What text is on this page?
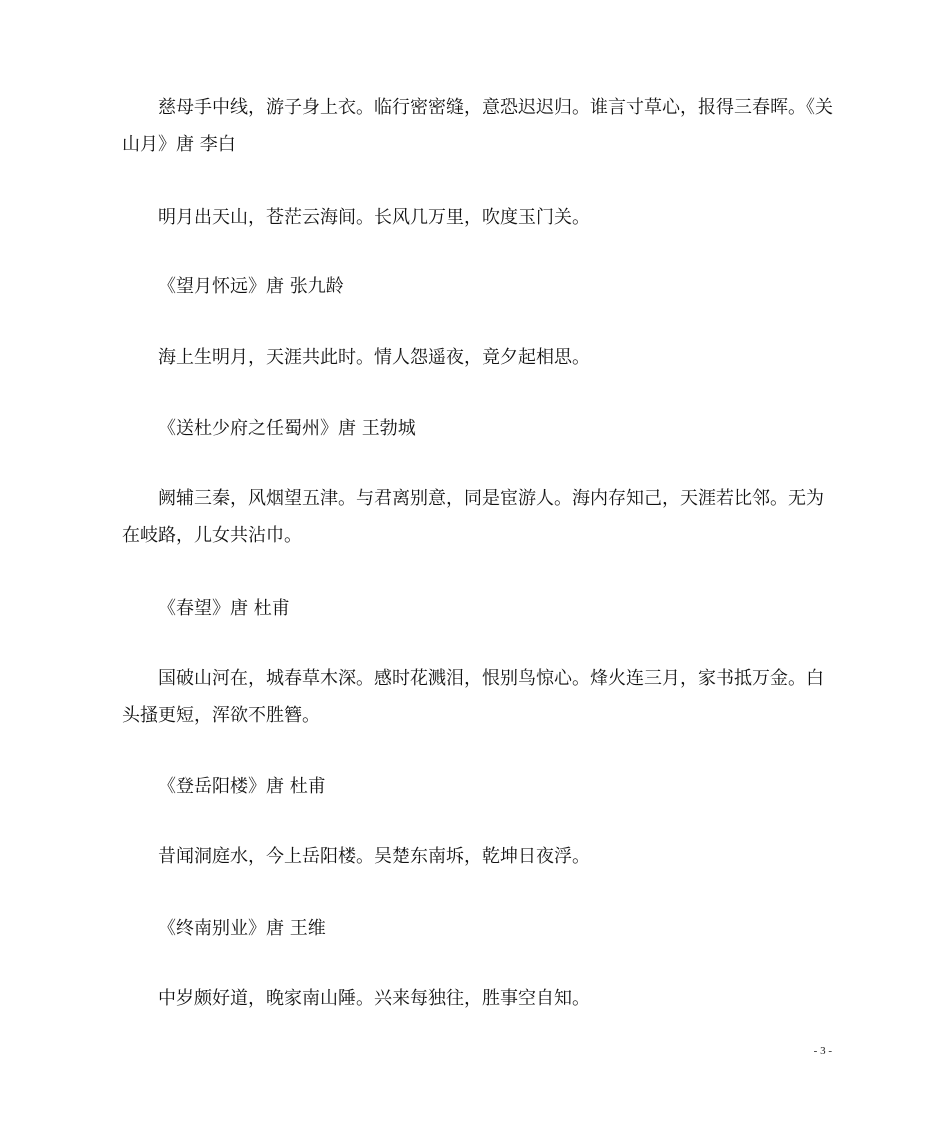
慈母手中线，游子身上衣。临行密密缝，意恐迟迟归。谁言寸草心，报得三春晖。《关山月》唐 李白

明月出天山，苍茫云海间。长风几万里，吹度玉门关。

《望月怀远》唐 张九龄

海上生明月，天涯共此时。情人怨遥夜，竟夕起相思。

《送杜少府之任蜀州》唐 王勃城

阙辅三秦，风烟望五津。与君离别意，同是宦游人。海内存知己，天涯若比邻。无为在岐路，儿女共沾巾。

《春望》唐 杜甫

国破山河在，城春草木深。感时花溅泪，恨别鸟惊心。烽火连三月，家书抵万金。白头搔更短，浑欲不胜簪。

《登岳阳楼》唐 杜甫

昔闻洞庭水，今上岳阳楼。吴楚东南坼，乾坤日夜浮。

《终南别业》唐 王维

中岁颇好道，晚家南山陲。兴来每独往，胜事空自知。

- 3 -
